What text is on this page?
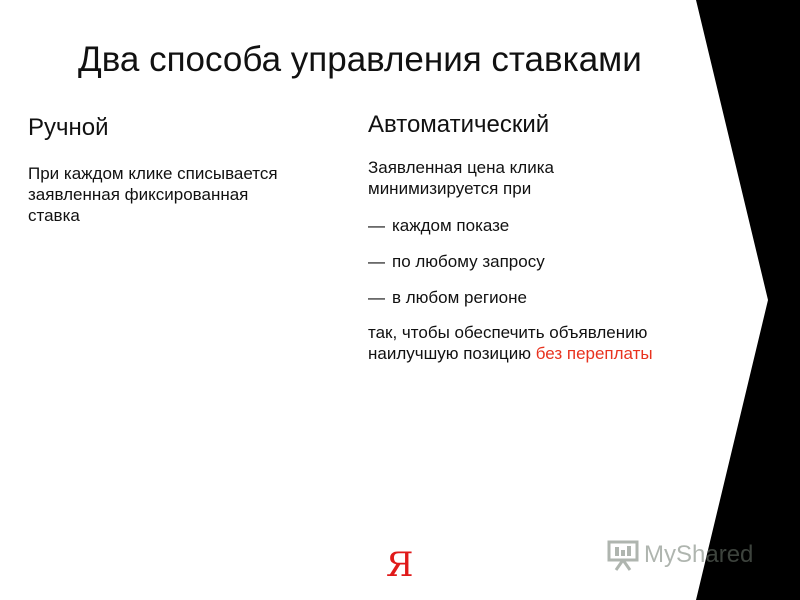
Два способа управления ставками
Ручной
При каждом клике списывается заявленная фиксированная ставка
Автоматический
Заявленная цена клика минимизируется при
— каждом показе
— по любому запросу
— в любом регионе
так, чтобы обеспечить объявлению наилучшую позицию без переплаты
Я	MyShared
